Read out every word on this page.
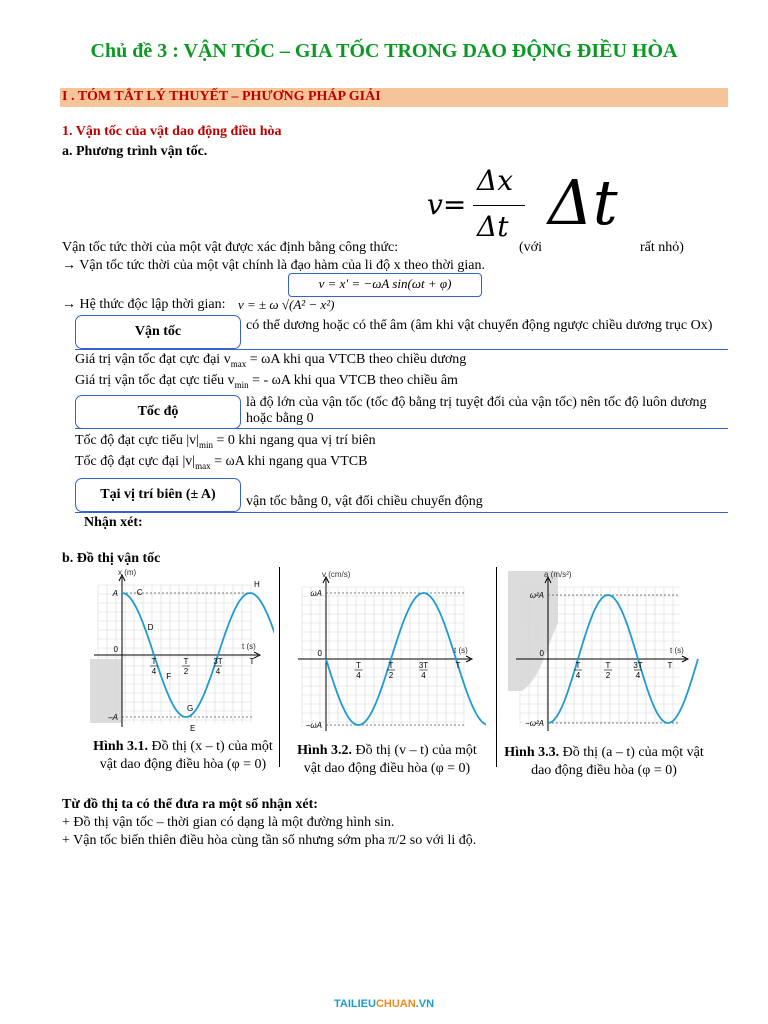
Chủ đề 3 : VẬN TỐC – GIA TỐC TRONG DAO ĐỘNG ĐIỀU HÒA
I . TÓM TẮT LÝ THUYẾT – PHƯƠNG PHÁP GIẢI
1. Vận tốc của vật dao động điều hòa
a. Phương trình vận tốc.
v=
Δx
Δt Δt
Vận tốc tức thời của một vật được xác định bằng công thức:	(với	rất nhỏ)
→ Vận tốc tức thời của một vật chính là đạo hàm của li độ x theo thời gian.
v = x' = −ωA sin(ωt + φ)
→ Hệ thức độc lập thời gian: v = ± ω √(A² − x²)
Vận tốc	có thể dương hoặc có thể âm (âm khi vật chuyển động ngược chiều dương trục Ox)
Giá trị vận tốc đạt cực đại $v_{max} = \omega A$ khi qua VTCB theo chiều dương
Giá trị vận tốc đạt cực tiểu $v_{min}$ = - ωA khi qua VTCB theo chiều âm
Tốc độ
là độ lớn của vận tốc (tốc độ bằng trị tuyệt đối của vận tốc) nên tốc độ luôn dương hoặc bằng 0
Tốc độ đạt cực tiểu $|v|_{min} = 0$ khi ngang qua vị trí biên
Tốc độ đạt cực đại $|v|_{max} = \omega A$ khi ngang qua VTCB
Tại vị trí biên (± A)	vận tốc bằng 0, vật đổi chiều chuyển động
Nhận xét:
b. Đồ thị vận tốc
x (m)
t (s)
A
–A
0
T
4
T
2
3T
4
T
C
D
F
G
E
H
v (cm/s)
t (s)
ωA
−ωA
0
T
4
T
2
3T
4
T
a (m/s²)
t (s)
ω²A
−ω²A
0
T
4
T
2
3T
4
T
Hình 3.1. Đồ thị (x – t) của một vật dao động điều hòa (φ = 0)
Hình 3.2. Đồ thị (v – t) của một vật dao động điều hòa (φ = 0)
Hình 3.3. Đồ thị (a – t) của một vật dao động điều hòa (φ = 0)
Từ đồ thị ta có thể đưa ra một số nhận xét:
+ Đồ thị vận tốc – thời gian có dạng là một đường hình sin.
+ Vận tốc biến thiên điều hòa cùng tần số nhưng sớm pha π/2 so với li độ.
TAILIEUCHUAN.VN
